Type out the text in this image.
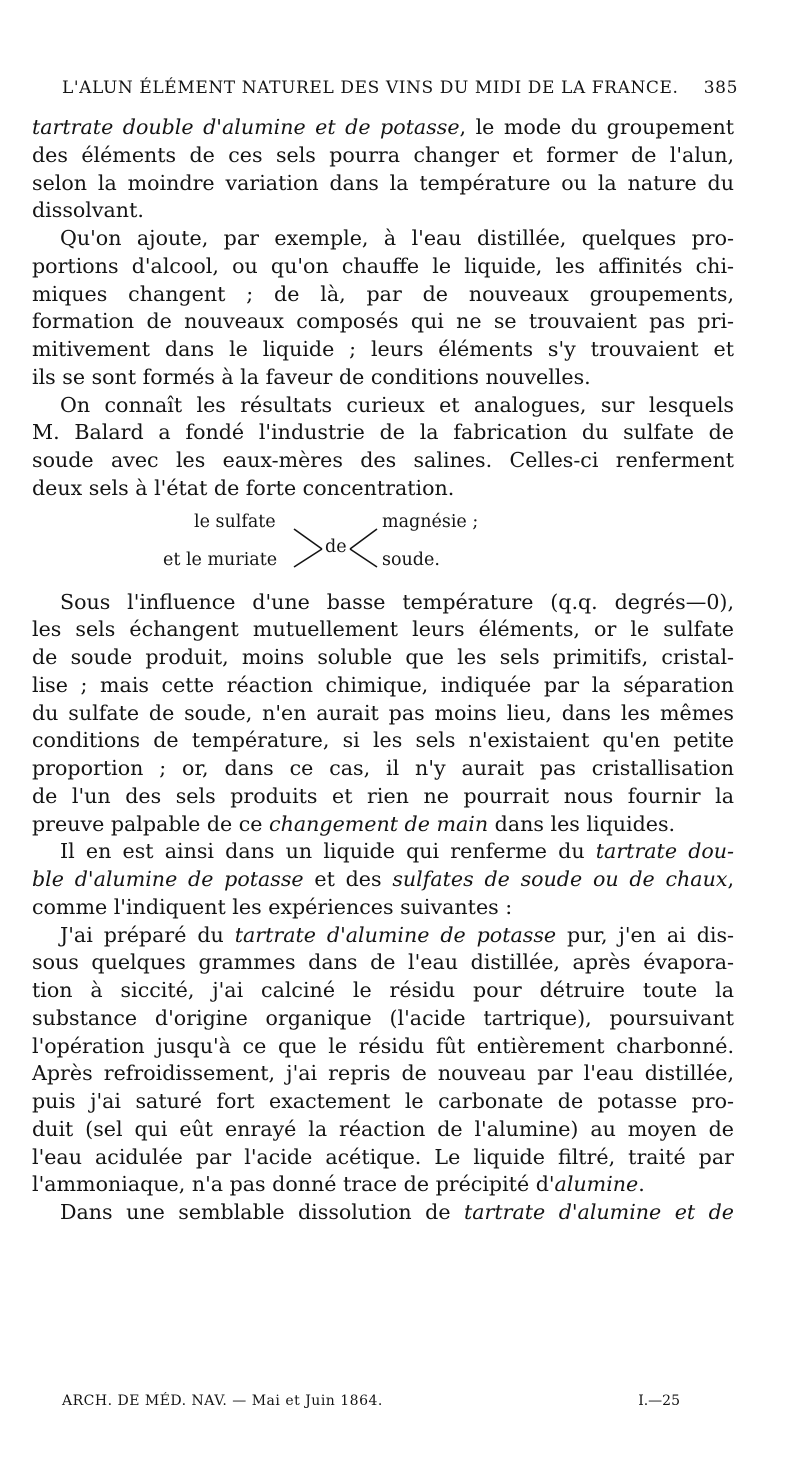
L'ALUN ÉLÉMENT NATUREL DES VINS DU MIDI DE LA FRANCE. 385

tartrate double d'alumine et de potasse, le mode du groupement
des éléments de ces sels pourra changer et former de l'alun,
selon la moindre variation dans la température ou la nature du
dissolvant.

Qu'on ajoute, par exemple, à l'eau distillée, quelques pro-
portions d'alcool, ou qu'on chauffe le liquide, les affinités chi-
miques changent ; de là, par de nouveaux groupements,
formation de nouveaux composés qui ne se trouvaient pas pri-
mitivement dans le liquide ; leurs éléments s'y trouvaient et
ils se sont formés à la faveur de conditions nouvelles.

On connaît les résultats curieux et analogues, sur lesquels
M. Balard a fondé l'industrie de la fabrication du sulfate de
soude avec les eaux-mères des salines. Celles-ci renferment
deux sels à l'état de forte concentration.

le sulfate
et le muriate
de
magnésie ;
soude.

Sous l'influence d'une basse température (q.q. degrés—0),
les sels échangent mutuellement leurs éléments, or le sulfate
de soude produit, moins soluble que les sels primitifs, cristal-
lise ; mais cette réaction chimique, indiquée par la séparation
du sulfate de soude, n'en aurait pas moins lieu, dans les mêmes
conditions de température, si les sels n'existaient qu'en petite
proportion ; or, dans ce cas, il n'y aurait pas cristallisation
de l'un des sels produits et rien ne pourrait nous fournir la
preuve palpable de ce changement de main dans les liquides.

Il en est ainsi dans un liquide qui renferme du tartrate dou-
ble d'alumine de potasse et des sulfates de soude ou de chaux,
comme l'indiquent les expériences suivantes :

J'ai préparé du tartrate d'alumine de potasse pur, j'en ai dis-
sous quelques grammes dans de l'eau distillée, après évapora-
tion à siccité, j'ai calciné le résidu pour détruire toute la
substance d'origine organique (l'acide tartrique), poursuivant
l'opération jusqu'à ce que le résidu fût entièrement charbonné.
Après refroidissement, j'ai repris de nouveau par l'eau distillée,
puis j'ai saturé fort exactement le carbonate de potasse pro-
duit (sel qui eût enrayé la réaction de l'alumine) au moyen de
l'eau acidulée par l'acide acétique. Le liquide filtré, traité par
l'ammoniaque, n'a pas donné trace de précipité d'alumine.

Dans une semblable dissolution de tartrate d'alumine et de

ARCH. DE MÉD. NAV. — Mai et Juin 1864.	I.—25
